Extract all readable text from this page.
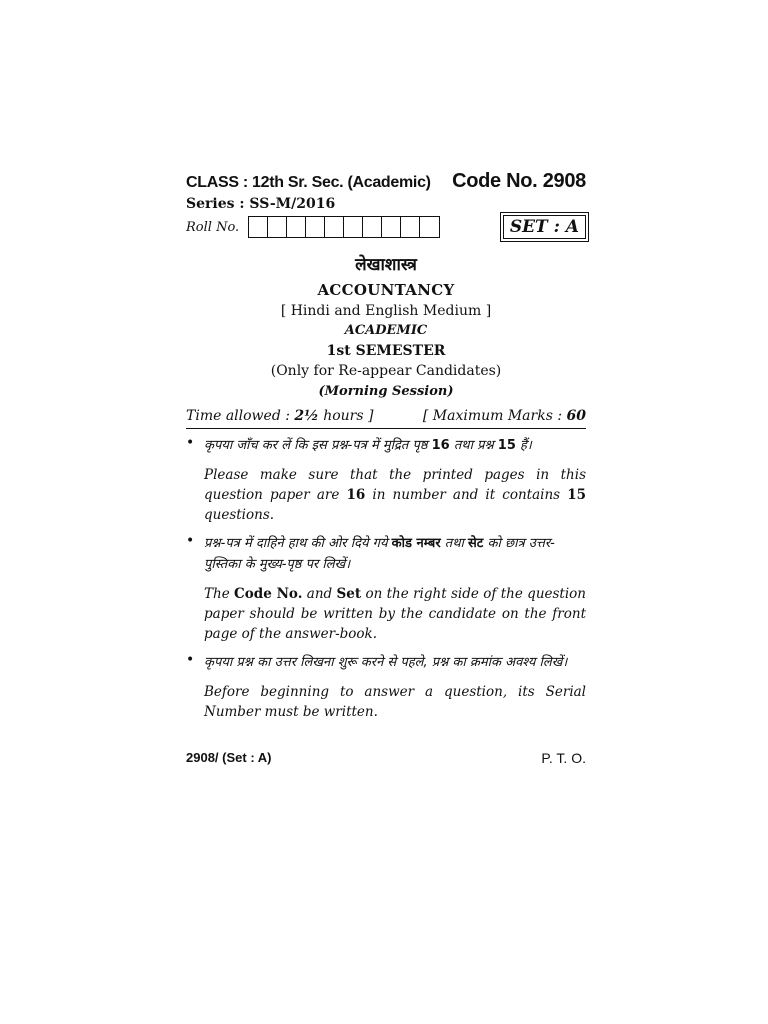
CLASS : 12th Sr. Sec. (Academic) Code No. 2908
Series : SS-M/2016
Roll No.	SET : A
लेखाशास्त्र
ACCOUNTANCY
[ Hindi and English Medium ]
ACADEMIC
1st SEMESTER
(Only for Re-appear Candidates)
(Morning Session)
Time allowed : 2½ hours ]	[ Maximum Marks : 60
• कृपया जाँच कर लें कि इस प्रश्न-पत्र में मुद्रित पृष्ठ 16 तथा प्रश्न 15 हैं।
Please make sure that the printed pages in this question paper are 16 in number and it contains 15 questions.
• प्रश्न-पत्र में दाहिने हाथ की ओर दिये गये कोड नम्बर तथा सेट को छात्र उत्तर-पुस्तिका के मुख्य-पृष्ठ पर लिखें।
The Code No. and Set on the right side of the question paper should be written by the candidate on the front page of the answer-book.
• कृपया प्रश्न का उत्तर लिखना शुरू करने से पहले, प्रश्न का क्रमांक अवश्य लिखें।
Before beginning to answer a question, its Serial Number must be written.
2908/ (Set : A)	P. T. O.
